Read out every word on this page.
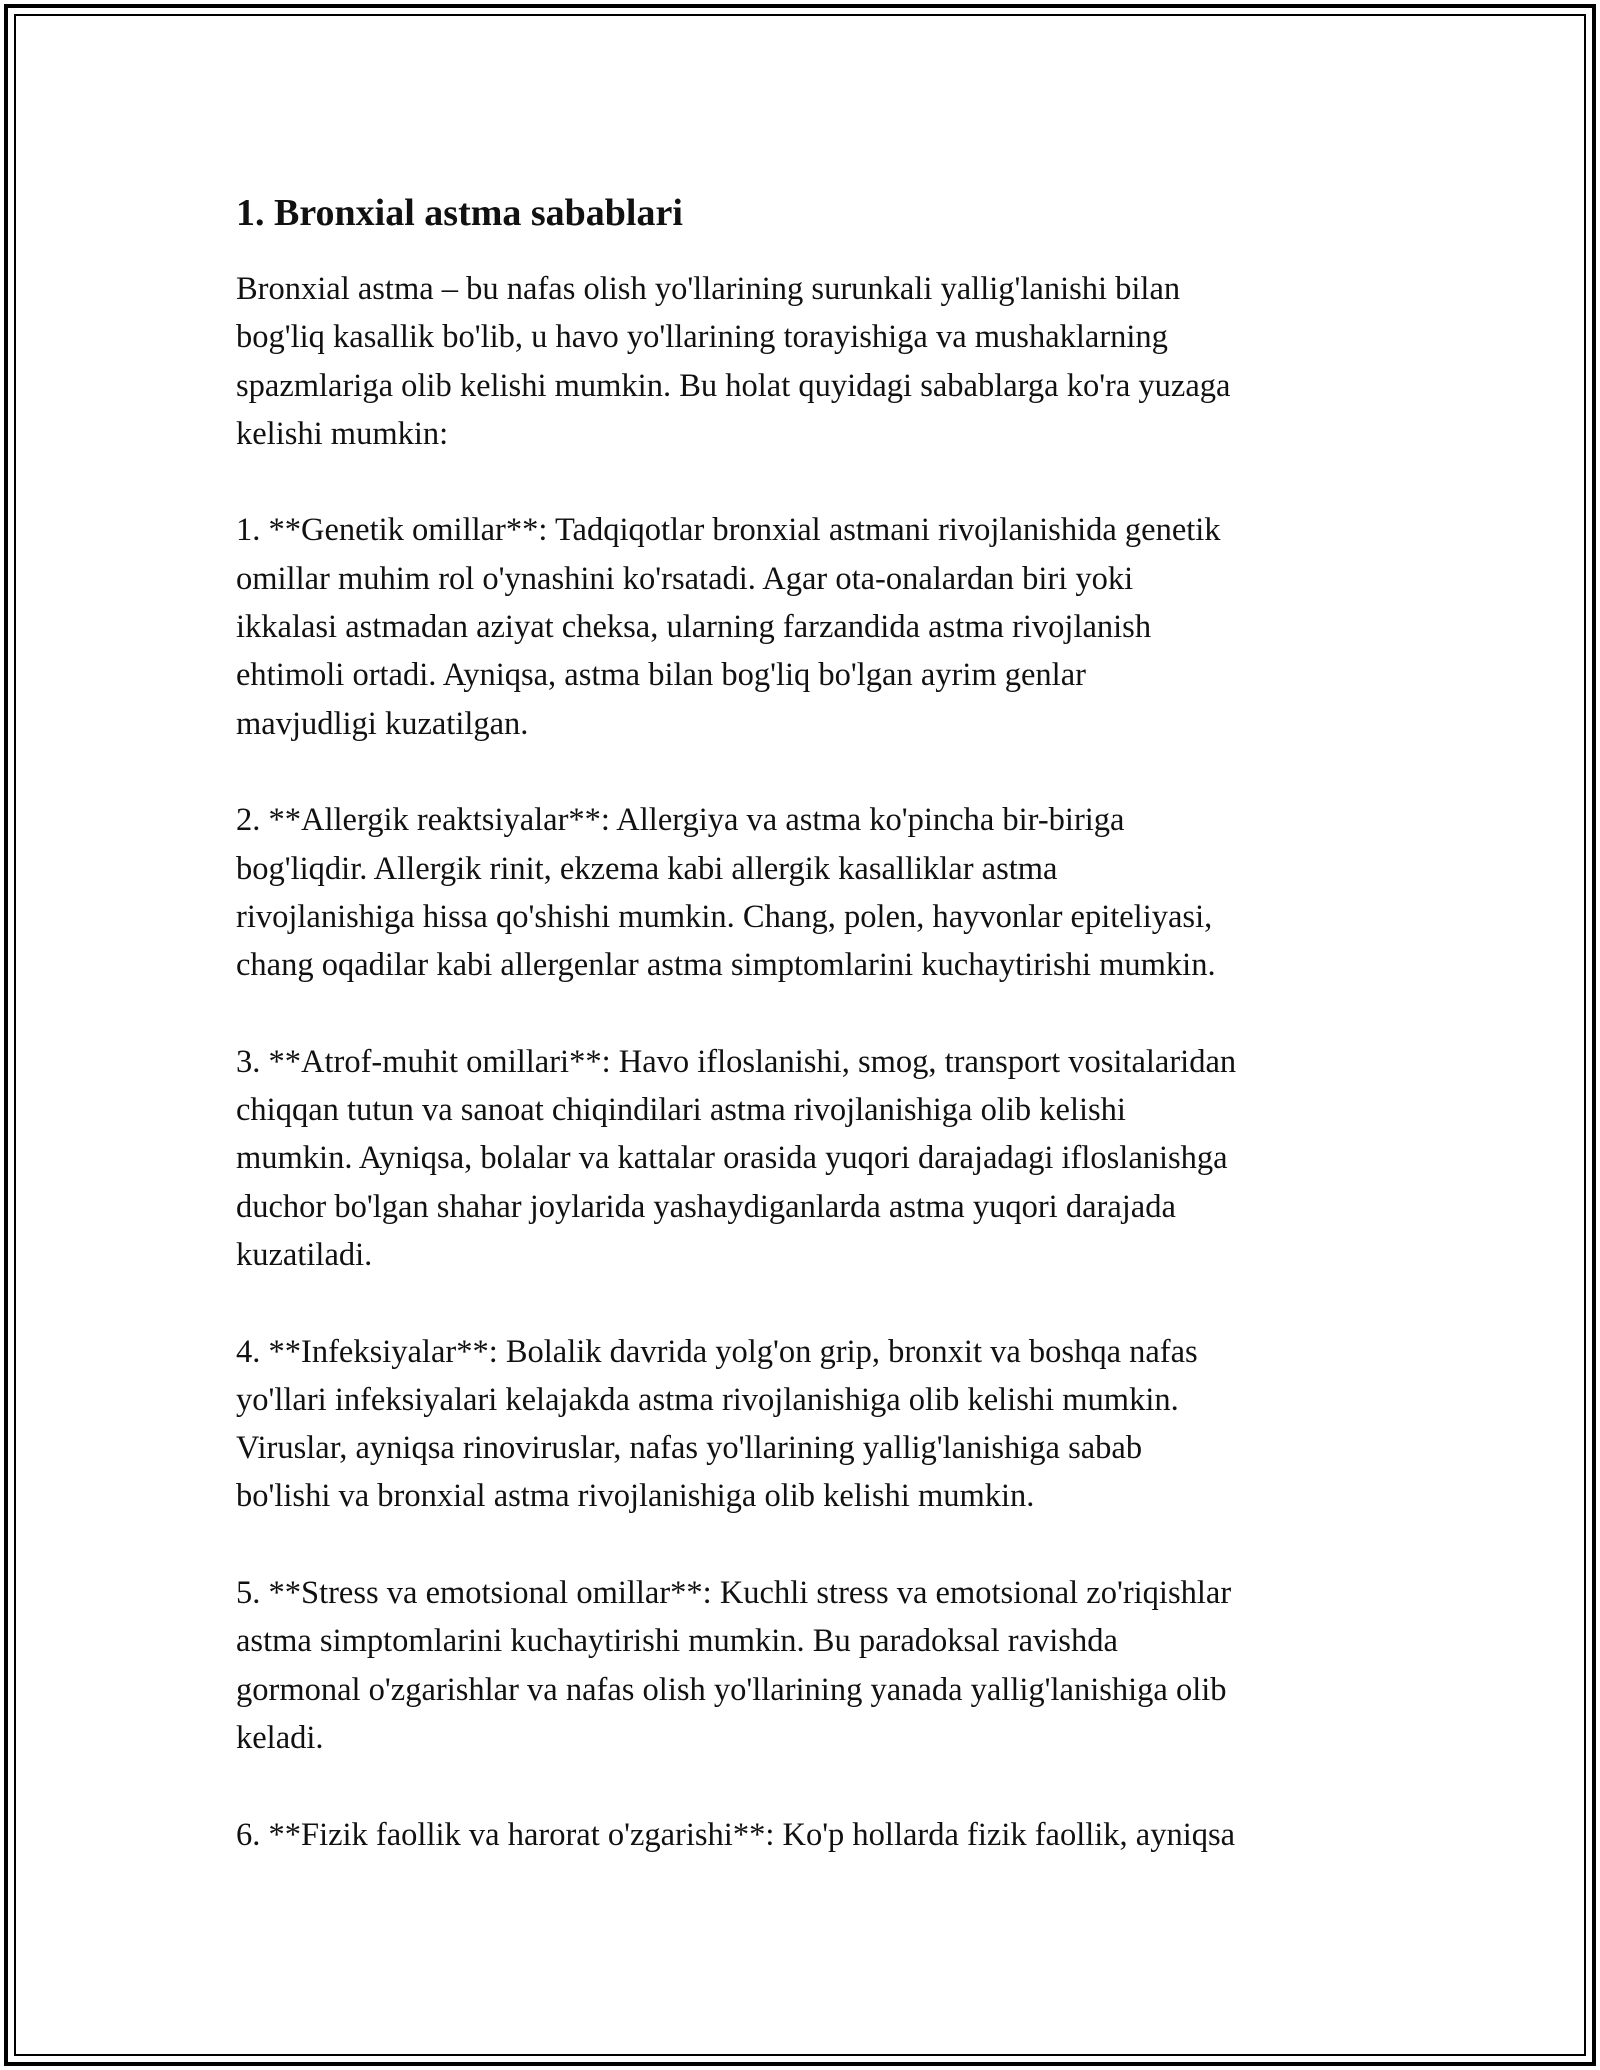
1. Bronxial astma sabablari

Bronxial astma – bu nafas olish yo'llarining surunkali yallig'lanishi bilan
bog'liq kasallik bo'lib, u havo yo'llarining torayishiga va mushaklarning
spazmlariga olib kelishi mumkin. Bu holat quyidagi sabablarga ko'ra yuzaga
kelishi mumkin:

1. **Genetik omillar**: Tadqiqotlar bronxial astmani rivojlanishida genetik
omillar muhim rol o'ynashini ko'rsatadi. Agar ota-onalardan biri yoki
ikkalasi astmadan aziyat cheksa, ularning farzandida astma rivojlanish
ehtimoli ortadi. Ayniqsa, astma bilan bog'liq bo'lgan ayrim genlar
mavjudligi kuzatilgan.

2. **Allergik reaktsiyalar**: Allergiya va astma ko'pincha bir-biriga
bog'liqdir. Allergik rinit, ekzema kabi allergik kasalliklar astma
rivojlanishiga hissa qo'shishi mumkin. Chang, polen, hayvonlar epiteliyasi,
chang oqadilar kabi allergenlar astma simptomlarini kuchaytirishi mumkin.

3. **Atrof-muhit omillari**: Havo ifloslanishi, smog, transport vositalaridan
chiqqan tutun va sanoat chiqindilari astma rivojlanishiga olib kelishi
mumkin. Ayniqsa, bolalar va kattalar orasida yuqori darajadagi ifloslanishga
duchor bo'lgan shahar joylarida yashaydiganlarda astma yuqori darajada
kuzatiladi.

4. **Infeksiyalar**: Bolalik davrida yolg'on grip, bronxit va boshqa nafas
yo'llari infeksiyalari kelajakda astma rivojlanishiga olib kelishi mumkin.
Viruslar, ayniqsa rinoviruslar, nafas yo'llarining yallig'lanishiga sabab
bo'lishi va bronxial astma rivojlanishiga olib kelishi mumkin.

5. **Stress va emotsional omillar**: Kuchli stress va emotsional zo'riqishlar
astma simptomlarini kuchaytirishi mumkin. Bu paradoksal ravishda
gormonal o'zgarishlar va nafas olish yo'llarining yanada yallig'lanishiga olib
keladi.

6. **Fizik faollik va harorat o'zgarishi**: Ko'p hollarda fizik faollik, ayniqsa
